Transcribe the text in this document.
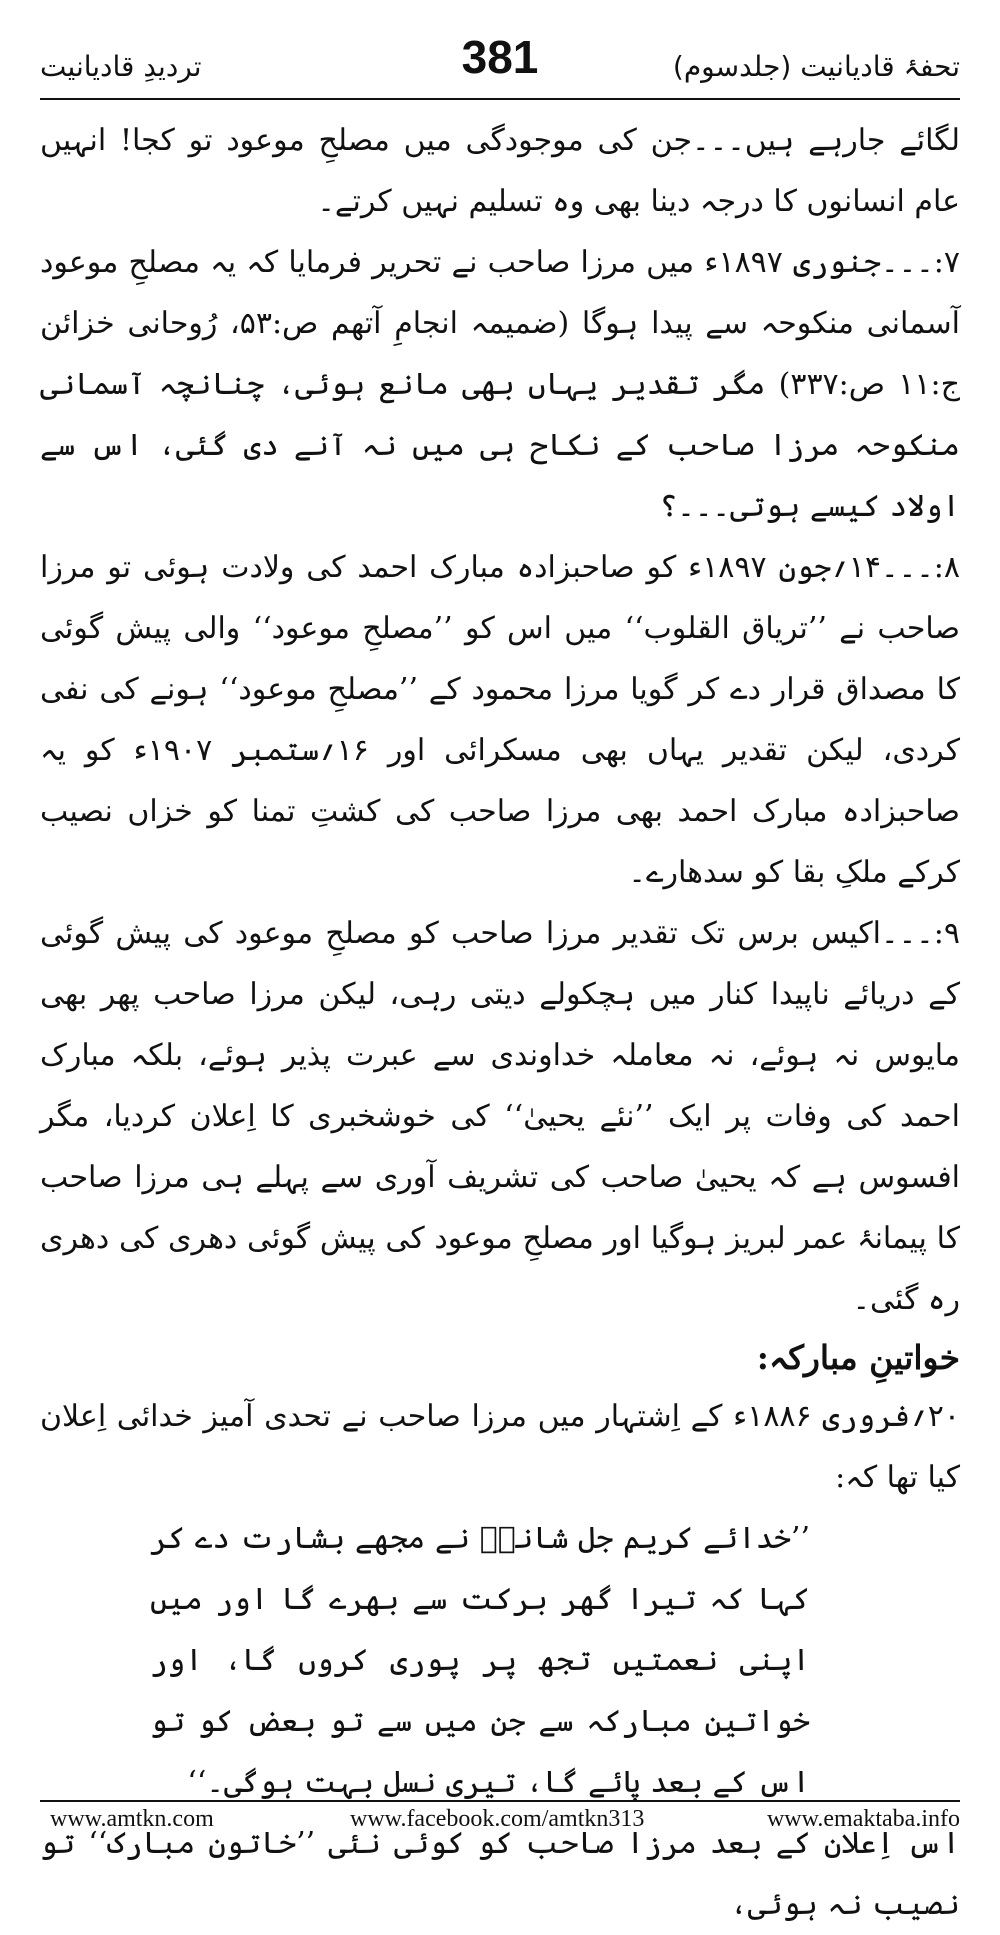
تحفۂ قادیانیت (جلدسوم)
381
تردیدِ قادیانیت

لگائے جارہے ہیں۔۔۔جن کی موجودگی میں مصلحِ موعود تو کجا! انہیں عام انسانوں کا درجہ دینا بھی وہ تسلیم نہیں کرتے۔

۷:۔۔۔جنوری ۱۸۹۷ء میں مرزا صاحب نے تحریر فرمایا کہ یہ مصلحِ موعود آسمانی منکوحہ سے پیدا ہوگا (ضمیمہ انجامِ آتھم ص:۵۳، رُوحانی خزائن ج:۱۱ ص:۳۳۷) مگر تقدیر یہاں بھی مانع ہوئی، چنانچہ آسمانی منکوحہ مرزا صاحب کے نکاح ہی میں نہ آنے دی گئی، اس سے اولاد کیسے ہوتی۔۔۔؟

۸:۔۔۔۱۴؍جون ۱۸۹۷ء کو صاحبزادہ مبارک احمد کی ولادت ہوئی تو مرزا صاحب نے ’’تریاق القلوب‘‘ میں اس کو ’’مصلحِ موعود‘‘ والی پیش گوئی کا مصداق قرار دے کر گویا مرزا محمود کے ’’مصلحِ موعود‘‘ ہونے کی نفی کردی، لیکن تقدیر یہاں بھی مسکرائی اور ۱۶؍ستمبر ۱۹۰۷ء کو یہ صاحبزادہ مبارک احمد بھی مرزا صاحب کی کشتِ تمنا کو خزاں نصیب کرکے ملکِ بقا کو سدھارے۔

۹:۔۔۔اکیس برس تک تقدیر مرزا صاحب کو مصلحِ موعود کی پیش گوئی کے دریائے ناپیدا کنار میں ہچکولے دیتی رہی، لیکن مرزا صاحب پھر بھی مایوس نہ ہوئے، نہ معاملہ خداوندی سے عبرت پذیر ہوئے، بلکہ مبارک احمد کی وفات پر ایک ’’نئے یحییٰ‘‘ کی خوشخبری کا اِعلان کردیا، مگر افسوس ہے کہ یحییٰ صاحب کی تشریف آوری سے پہلے ہی مرزا صاحب کا پیمانۂ عمر لبریز ہوگیا اور مصلحِ موعود کی پیش گوئی دھری کی دھری رہ گئی۔

خواتینِ مبارکہ:

۲۰؍فروری ۱۸۸۶ء کے اِشتہار میں مرزا صاحب نے تحدی آمیز خدائی اِعلان کیا تھا کہ:

’’خدائے کریم جل شانہٗ نے مجھے بشارت دے کر کہا کہ تیرا گھر برکت سے بھرے گا اور میں اپنی نعمتیں تجھ پر پوری کروں گا، اور خواتینِ مبارکہ سے جن میں سے تو بعض کو تو اس کے بعد پائے گا، تیری نسل بہت ہوگی۔‘‘

اس اِعلان کے بعد مرزا صاحب کو کوئی نئی ’’خاتون مبارک‘‘ تو نصیب نہ ہوئی،

www.amtkn.com	www.facebook.com/amtkn313	www.emaktaba.info
